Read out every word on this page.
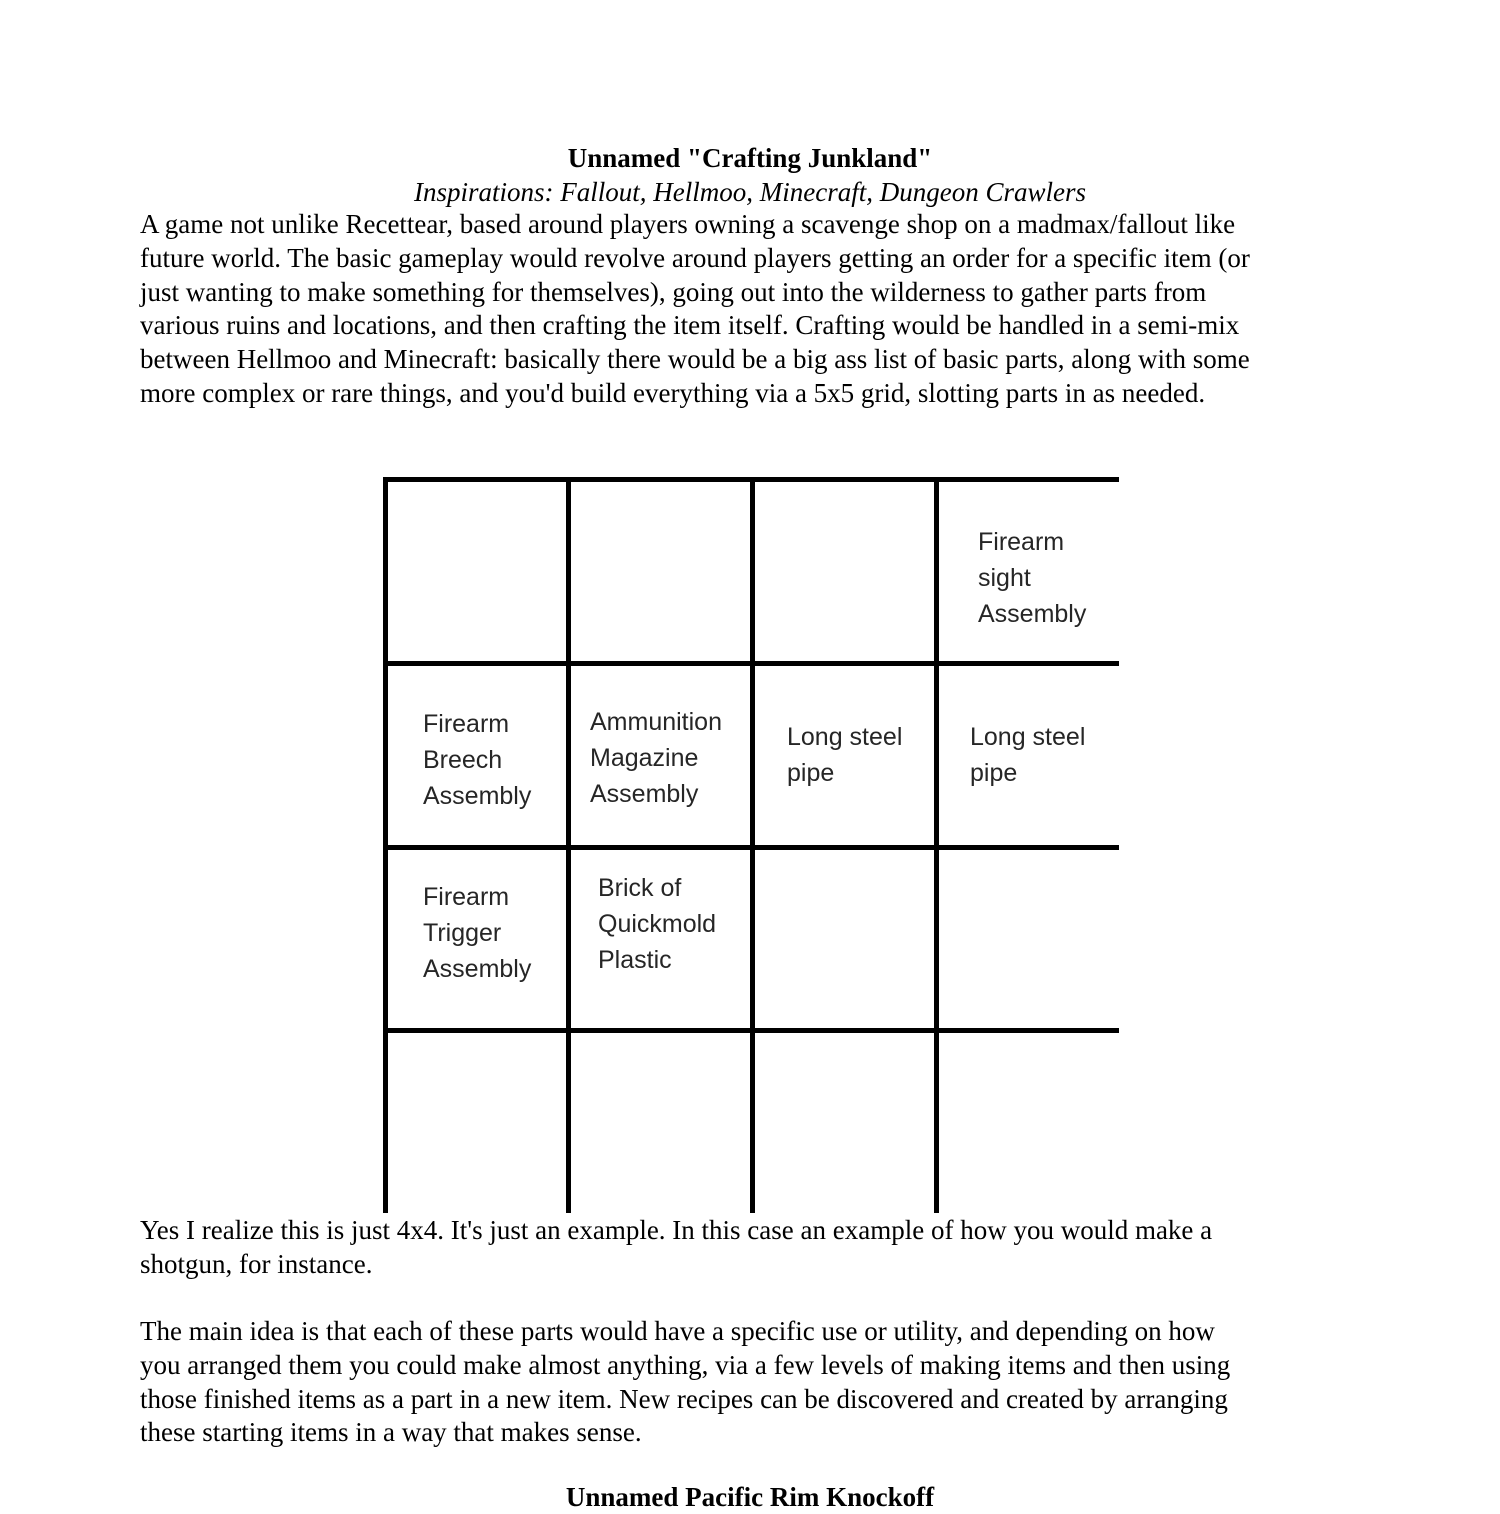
Unnamed "Crafting Junkland"
Inspirations: Fallout, Hellmoo, Minecraft, Dungeon Crawlers
A game not unlike Recettear, based around players owning a scavenge shop on a madmax/fallout like
future world. The basic gameplay would revolve around players getting an order for a specific item (or
just wanting to make something for themselves), going out into the wilderness to gather parts from
various ruins and locations, and then crafting the item itself. Crafting would be handled in a semi-mix
between Hellmoo and Minecraft: basically there would be a big ass list of basic parts, along with some
more complex or rare things, and you'd build everything via a 5x5 grid, slotting parts in as needed.
Firearm
sight
Assembly
Firearm
Breech
Assembly
Ammunition
Magazine
Assembly
Long steel
pipe
Long steel
pipe
Firearm
Trigger
Assembly
Brick of
Quickmold
Plastic
Yes I realize this is just 4x4. It's just an example. In this case an example of how you would make a
shotgun, for instance.
The main idea is that each of these parts would have a specific use or utility, and depending on how
you arranged them you could make almost anything, via a few levels of making items and then using
those finished items as a part in a new item. New recipes can be discovered and created by arranging
these starting items in a way that makes sense.
Unnamed Pacific Rim Knockoff
